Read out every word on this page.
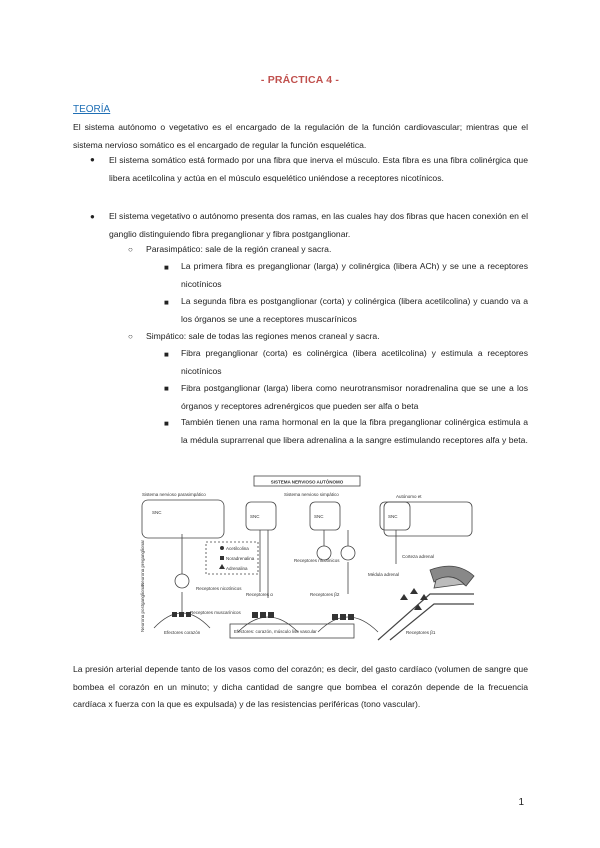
- PRÁCTICA 4 -
TEORÍA
El sistema autónomo o vegetativo es el encargado de la regulación de la función cardiovascular; mientras que el sistema nervioso somático es el encargado de regular la función esquelética.
● El sistema somático está formado por una fibra que inerva el músculo. Esta fibra es una fibra colinérgica que libera acetilcolina y actúa en el músculo esquelético uniéndose a receptores nicotínicos.
● El sistema vegetativo o autónomo presenta dos ramas, en las cuales hay dos fibras que hacen conexión en el ganglio distinguiendo fibra preganglionar y fibra postganglionar.
○ Parasimpático: sale de la región craneal y sacra.
■ La primera fibra es preganglionar (larga) y colinérgica (libera ACh) y se une a receptores nicotínicos
■ La segunda fibra es postganglionar (corta) y colinérgica (libera acetilcolina) y cuando va a los órganos se une a receptores muscarínicos
○ Simpático: sale de todas las regiones menos craneal y sacra.
■ Fibra preganglionar (corta) es colinérgica (libera acetilcolina) y estimula a receptores nicotínicos
■ Fibra postganglionar (larga) libera como neurotransmisor noradrenalina que se une a los órganos y receptores adrenérgicos que pueden ser alfa o beta
■ También tienen una rama hormonal en la que la fibra preganglionar colinérgica estimula a la médula suprarrenal que libera adrenalina a la sangre estimulando receptores alfa y beta.
SISTEMA NERVIOSO AUTÓNOMO
Sistema nervioso parasimpático	Sistema nervioso simpático	Autónomo et
SNC
SNC	SNC	SNC
Acetilcolina
Noradrenalina
Adrenalina
Receptores nicotínicos
Receptores nicotínicos
Receptores muscarínicos
Efectores corazón
Corteza adrenal
Médula adrenal
Receptores α	Receptores β2
Receptores β1
Efectores: corazón, músculo liso vascular
Neurona preganglionar
Neurona postganglionar
La presión arterial depende tanto de los vasos como del corazón; es decir, del gasto cardíaco (volumen de sangre que bombea el corazón en un minuto; y dicha cantidad de sangre que bombea el corazón depende de la frecuencia cardíaca x fuerza con la que es expulsada) y de las resistencias periféricas (tono vascular).
1
